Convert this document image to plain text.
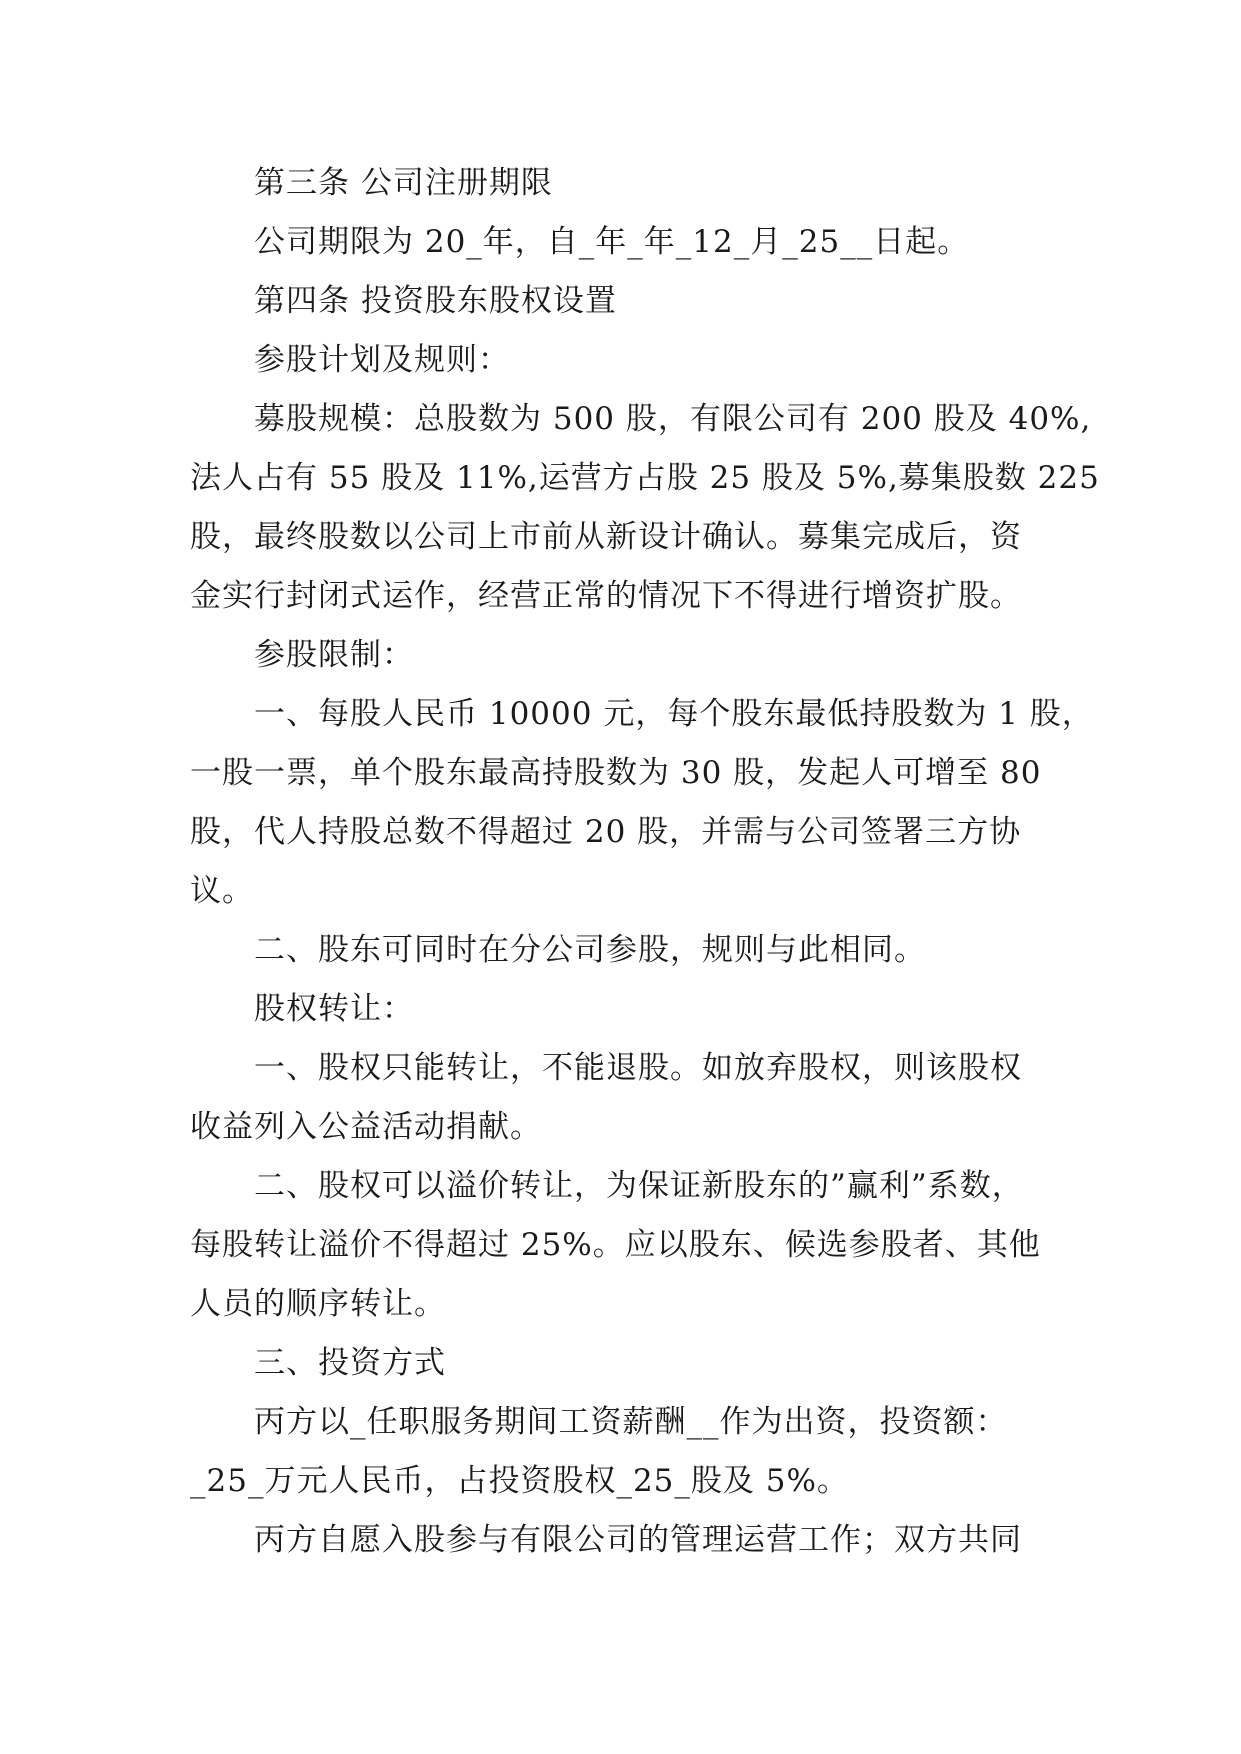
第三条 公司注册期限
公司期限为 20_年，自_年_年_12_月_25__日起。
第四条 投资股东股权设置
参股计划及规则：
募股规模：总股数为 500 股，有限公司有 200 股及 40%,
法人占有 55 股及 11%,运营方占股 25 股及 5%,募集股数 225
股，最终股数以公司上市前从新设计确认。募集完成后，资
金实行封闭式运作，经营正常的情况下不得进行增资扩股。
参股限制：
一、每股人民币 10000 元，每个股东最低持股数为 1 股，
一股一票，单个股东最高持股数为 30 股，发起人可增至 80
股，代人持股总数不得超过 20 股，并需与公司签署三方协
议。
二、股东可同时在分公司参股，规则与此相同。
股权转让：
一、股权只能转让，不能退股。如放弃股权，则该股权
收益列入公益活动捐献。
二、股权可以溢价转让，为保证新股东的”赢利”系数，
每股转让溢价不得超过 25%。应以股东、候选参股者、其他
人员的顺序转让。
三、投资方式
丙方以_任职服务期间工资薪酬__作为出资，投资额：
_25_万元人民币，占投资股权_25_股及 5%。
丙方自愿入股参与有限公司的管理运营工作；双方共同
